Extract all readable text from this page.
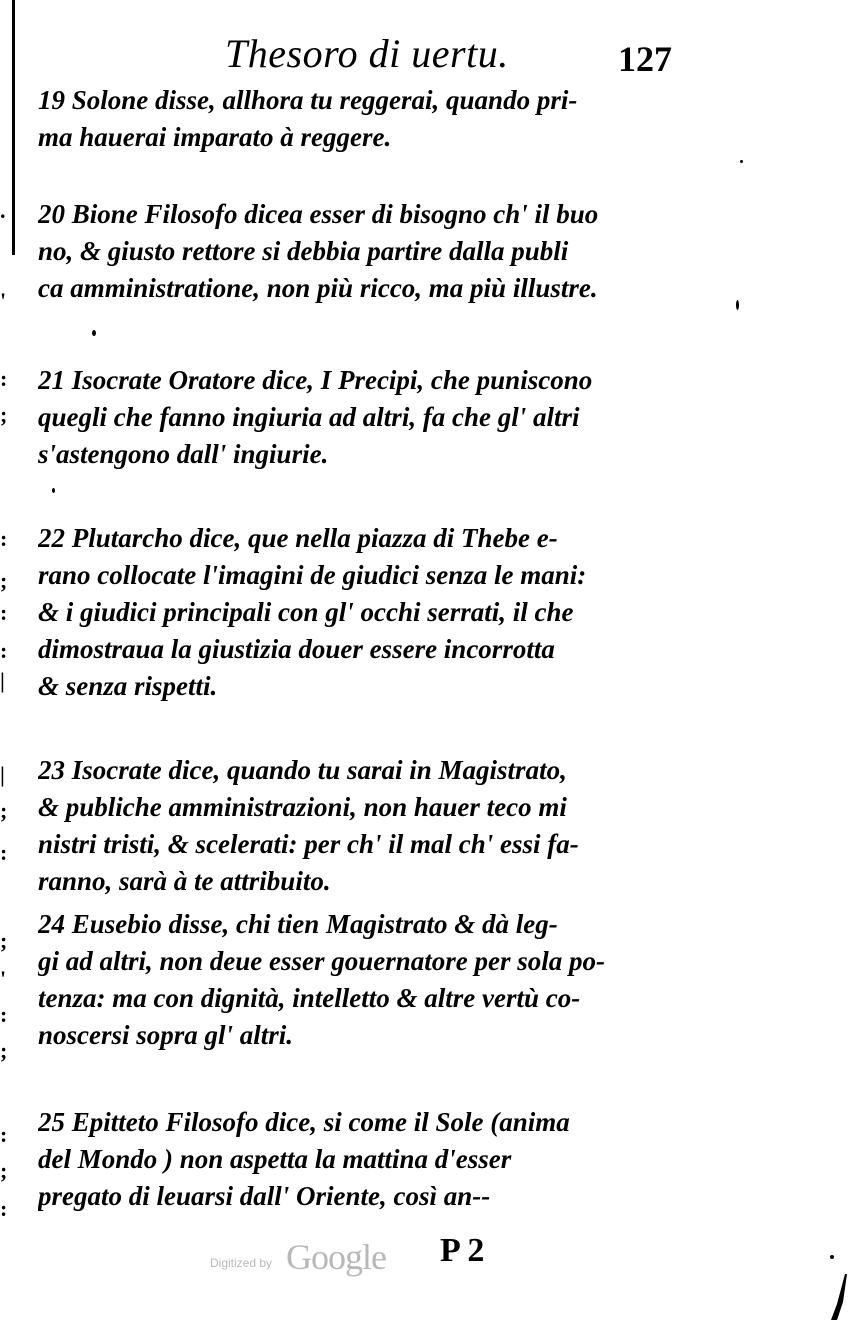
.
'
:
;
:
;
:
:
|
|
;
:
;
'
:
;
:
;
:
Thesoro di uertu.	127
19 Solone disse, allhora tu reggerai, quando pri-
ma hauerai imparato à reggere.
20 Bione Filosofo dicea esser di bisogno ch' il buo
no, & giusto rettore si debbia partire dalla publi
ca amministratione, non più ricco, ma più illustre.
21 Isocrate Oratore dice, I Precipi, che puniscono
quegli che fanno ingiuria ad altri, fa che gl' altri
s'astengono dall' ingiurie.
22 Plutarcho dice, que nella piazza di Thebe e-
rano collocate l'imagini de giudici senza le mani:
& i giudici principali con gl' occhi serrati, il che
dimostraua la giustizia douer essere incorrotta
& senza rispetti.
23 Isocrate dice, quando tu sarai in Magistrato,
& publiche amministrazioni, non hauer teco mi
nistri tristi, & scelerati: per ch' il mal ch' essi fa-
ranno, sarà à te attribuito.
24 Eusebio disse, chi tien Magistrato & dà leg-
gi ad altri, non deue esser gouernatore per sola po-
tenza: ma con dignità, intelletto & altre vertù co-
noscersi sopra gl' altri.
25 Epitteto Filosofo dice, si come il Sole (anima
del Mondo ) non aspetta la mattina d'esser
pregato di leuarsi dall' Oriente, così an--
Digitized by Google P 2
